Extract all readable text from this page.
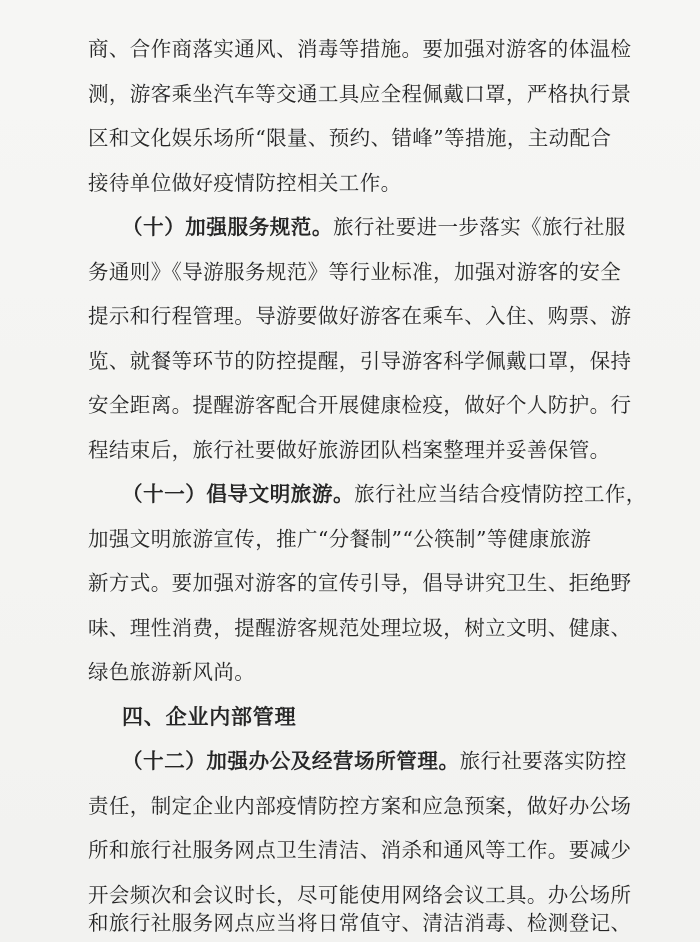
商、合作商落实通风、消毒等措施。要加强对游客的体温检
测，游客乘坐汽车等交通工具应全程佩戴口罩，严格执行景
区和文化娱乐场所“限量、预约、错峰”等措施，主动配合
接待单位做好疫情防控相关工作。
（十）加强服务规范。旅行社要进一步落实《旅行社服
务通则》《导游服务规范》等行业标准，加强对游客的安全
提示和行程管理。导游要做好游客在乘车、入住、购票、游
览、就餐等环节的防控提醒，引导游客科学佩戴口罩，保持
安全距离。提醒游客配合开展健康检疫，做好个人防护。行
程结束后，旅行社要做好旅游团队档案整理并妥善保管。
（十一）倡导文明旅游。旅行社应当结合疫情防控工作，
加强文明旅游宣传，推广“分餐制”“公筷制”等健康旅游
新方式。要加强对游客的宣传引导，倡导讲究卫生、拒绝野
味、理性消费，提醒游客规范处理垃圾，树立文明、健康、
绿色旅游新风尚。
四、企业内部管理
（十二）加强办公及经营场所管理。旅行社要落实防控
责任，制定企业内部疫情防控方案和应急预案，做好办公场
所和旅行社服务网点卫生清洁、消杀和通风等工作。要减少
开会频次和会议时长，尽可能使用网络会议工具。办公场所
和旅行社服务网点应当将日常值守、清洁消毒、检测登记、
